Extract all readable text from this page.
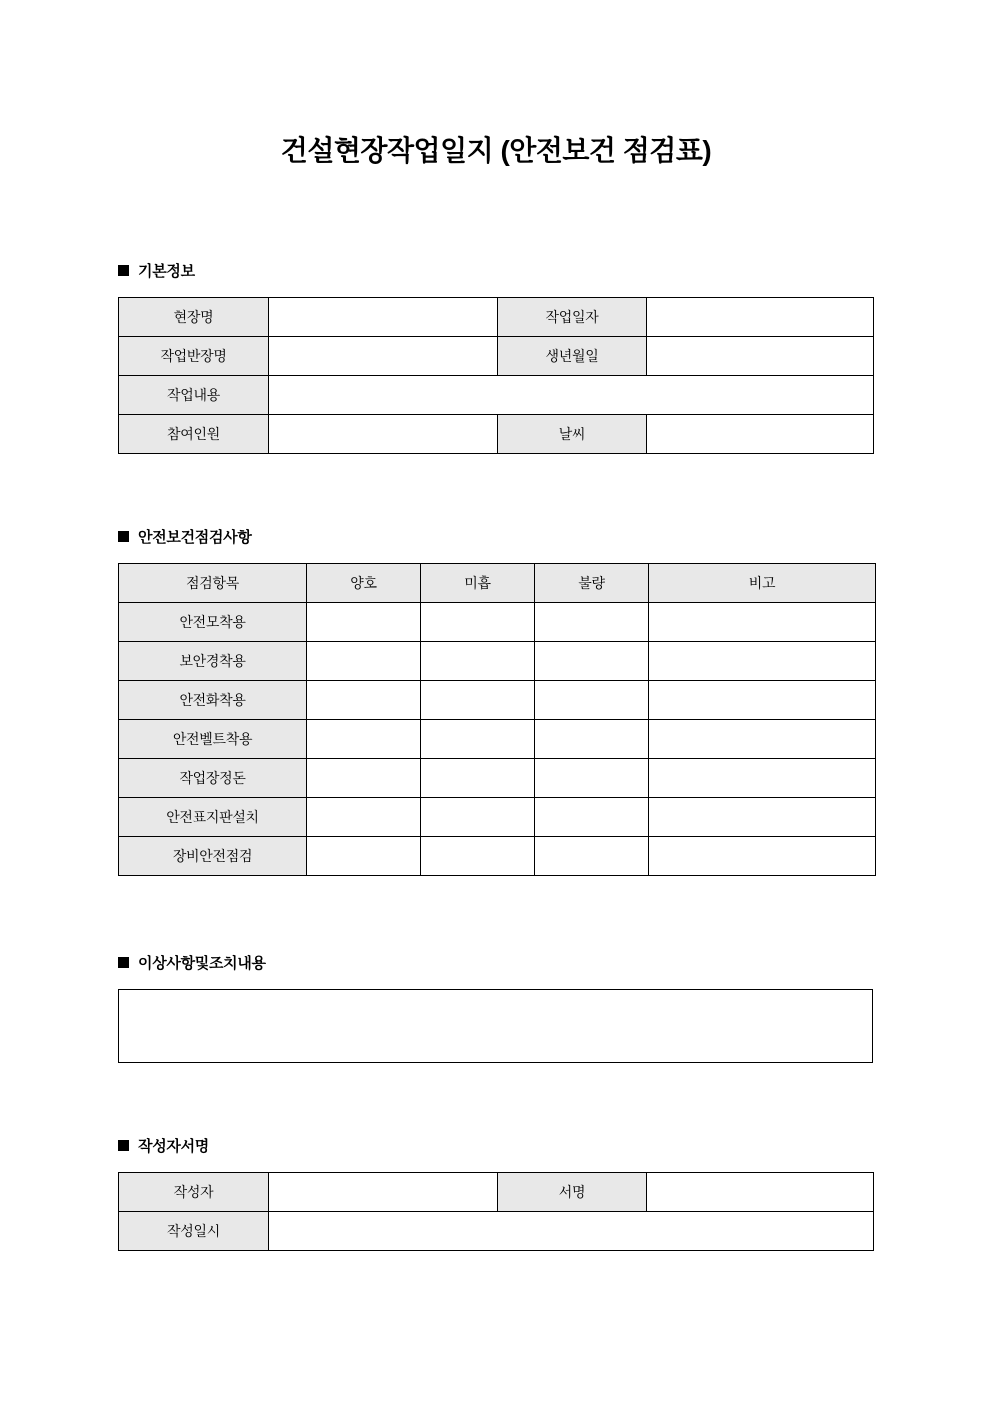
건설현장작업일지 (안전보건 점검표)
기본정보
현장명		작업일자	
작업반장명		생년월일	
작업내용			
참여인원		날씨	
안전보건점검사항
점검항목	양호	미흡	불량	비고
안전모착용				
보안경착용				
안전화착용				
안전벨트착용				
작업장정돈				
안전표지판설치				
장비안전점검				
이상사항및조치내용
작성자서명
작성자		서명	
작성일시			
